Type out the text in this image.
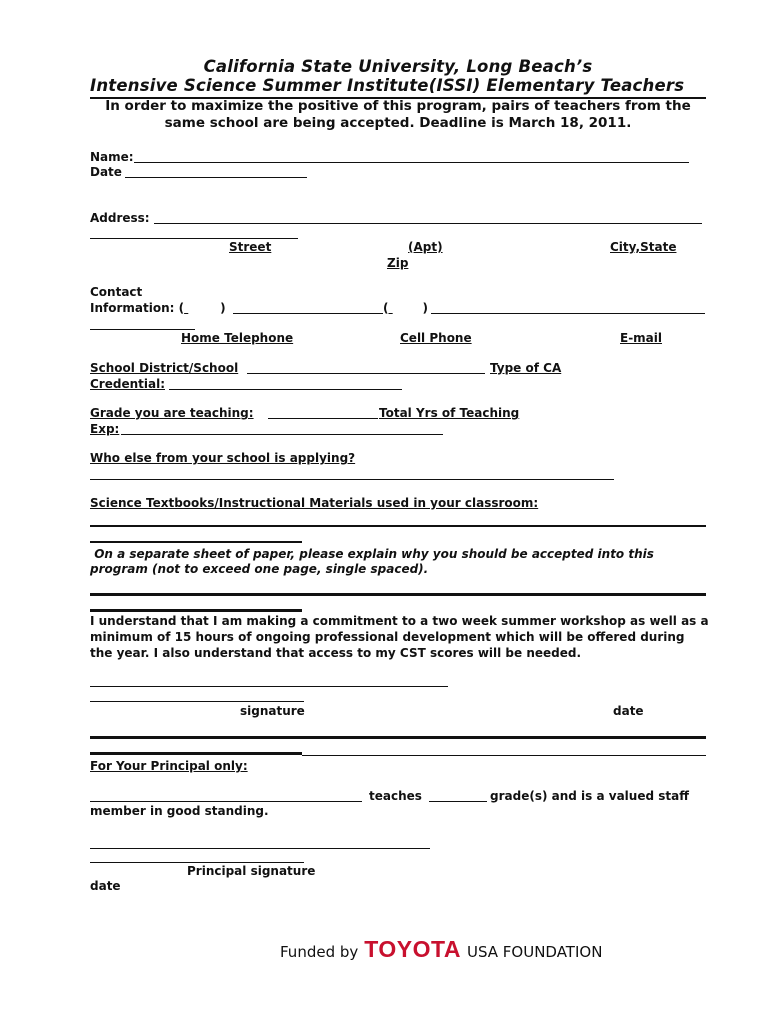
California State University, Long Beach’s
Intensive Science Summer Institute(ISSI) Elementary Teachers
In order to maximize the positive of this program, pairs of teachers from the same school are being accepted. Deadline is March 18, 2011.
Name:
Date
Address:
Street	(Apt)	City,State
Zip
Contact
Information: (	)	(	)
Home Telephone	Cell Phone	E-mail
School District/School	Type of CA
Credential:
Grade you are teaching:	Total Yrs of Teaching
Exp:
Who else from your school is applying?
Science Textbooks/Instructional Materials used in your classroom:
On a separate sheet of paper, please explain why you should be accepted into this program (not to exceed one page, single spaced).
I understand that I am making a commitment to a two week summer workshop as well as a minimum of 15 hours of ongoing professional development which will be offered during the year. I also understand that access to my CST scores will be needed.
signature	date
For Your Principal only:
teaches	grade(s) and is a valued staff
member in good standing.
Principal signature
date
Funded by TOYOTA USA FOUNDATION
